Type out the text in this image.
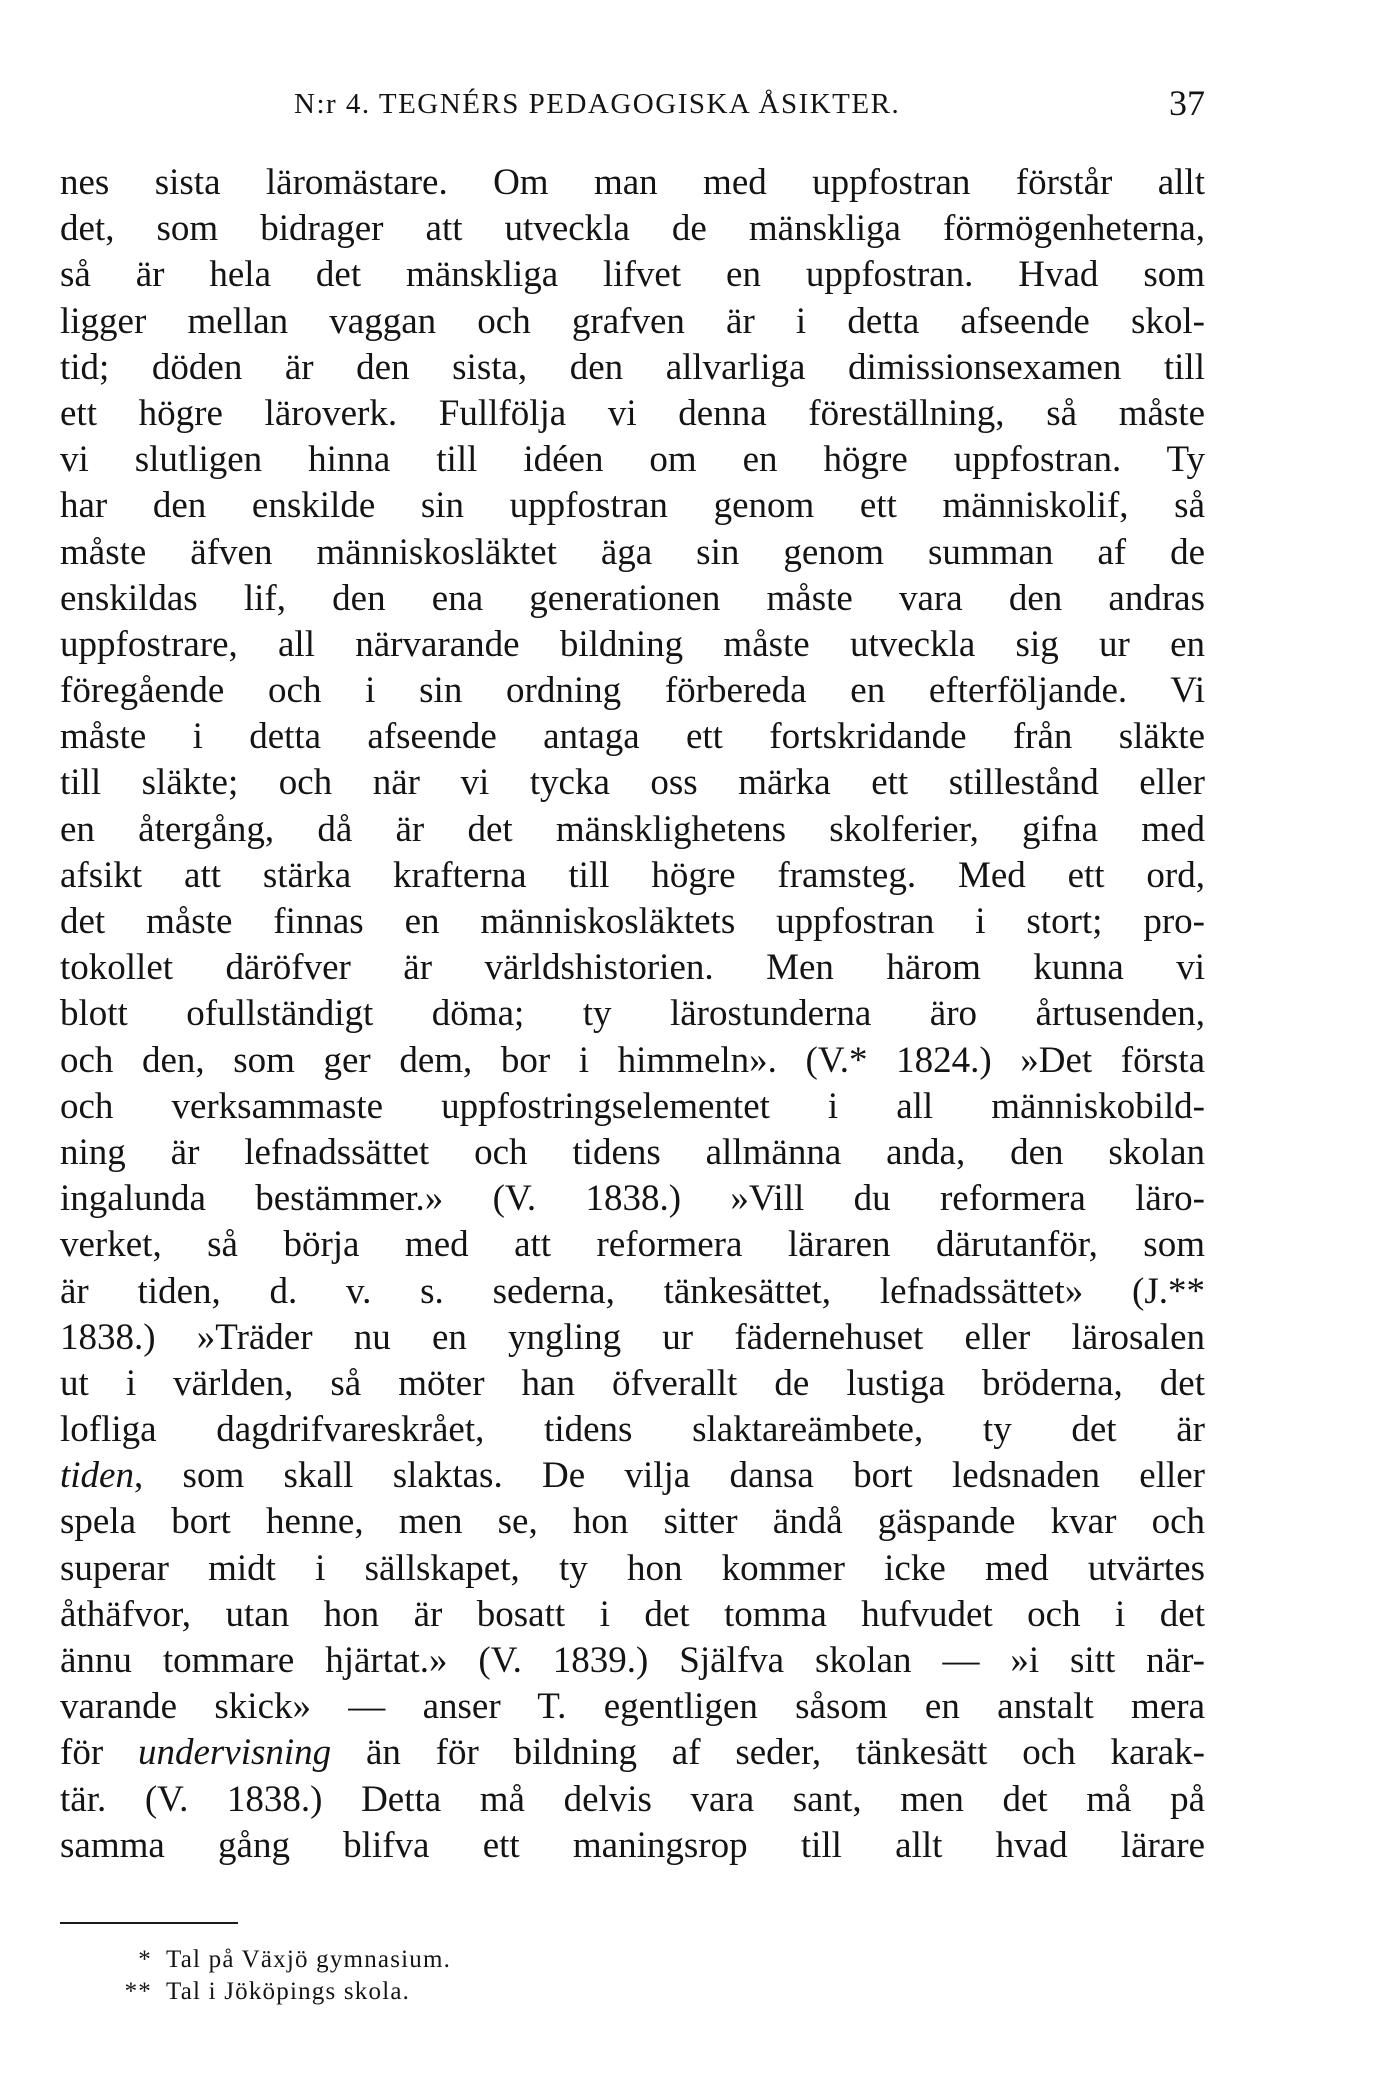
N:r 4. TEGNÉRS PEDAGOGISKA ÅSIKTER.	37
nes sista läromästare. Om man med uppfostran förstår allt
det, som bidrager att utveckla de mänskliga förmögenheterna,
så är hela det mänskliga lifvet en uppfostran. Hvad som
ligger mellan vaggan och grafven är i detta afseende skol-
tid; döden är den sista, den allvarliga dimissionsexamen till
ett högre läroverk. Fullfölja vi denna föreställning, så måste
vi slutligen hinna till idéen om en högre uppfostran. Ty
har den enskilde sin uppfostran genom ett människolif, så
måste äfven människosläktet äga sin genom summan af de
enskildas lif, den ena generationen måste vara den andras
uppfostrare, all närvarande bildning måste utveckla sig ur en
föregående och i sin ordning förbereda en efterföljande. Vi
måste i detta afseende antaga ett fortskridande från släkte
till släkte; och när vi tycka oss märka ett stillestånd eller
en återgång, då är det mänsklighetens skolferier, gifna med
afsikt att stärka krafterna till högre framsteg. Med ett ord,
det måste finnas en människosläktets uppfostran i stort; pro-
tokollet däröfver är världshistorien. Men härom kunna vi
blott ofullständigt döma; ty lärostunderna äro årtusenden,
och den, som ger dem, bor i himmeln». (V.* 1824.) »Det första
och verksammaste uppfostringselementet i all människobild-
ning är lefnadssättet och tidens allmänna anda, den skolan
ingalunda bestämmer.» (V. 1838.) »Vill du reformera läro-
verket, så börja med att reformera läraren därutanför, som
är tiden, d. v. s. sederna, tänkesättet, lefnadssättet» (J.**
1838.) »Träder nu en yngling ur fädernehuset eller lärosalen
ut i världen, så möter han öfverallt de lustiga bröderna, det
lofliga dagdrifvareskrået, tidens slaktareämbete, ty det är
tiden, som skall slaktas. De vilja dansa bort ledsnaden eller
spela bort henne, men se, hon sitter ändå gäspande kvar och
superar midt i sällskapet, ty hon kommer icke med utvärtes
åthäfvor, utan hon är bosatt i det tomma hufvudet och i det
ännu tommare hjärtat.» (V. 1839.) Själfva skolan — »i sitt när-
varande skick» — anser T. egentligen såsom en anstalt mera
för undervisning än för bildning af seder, tänkesätt och karak-
tär. (V. 1838.) Detta må delvis vara sant, men det må på
samma gång blifva ett maningsrop till allt hvad lärare
* Tal på Växjö gymnasium.
** Tal i Jököpings skola.
